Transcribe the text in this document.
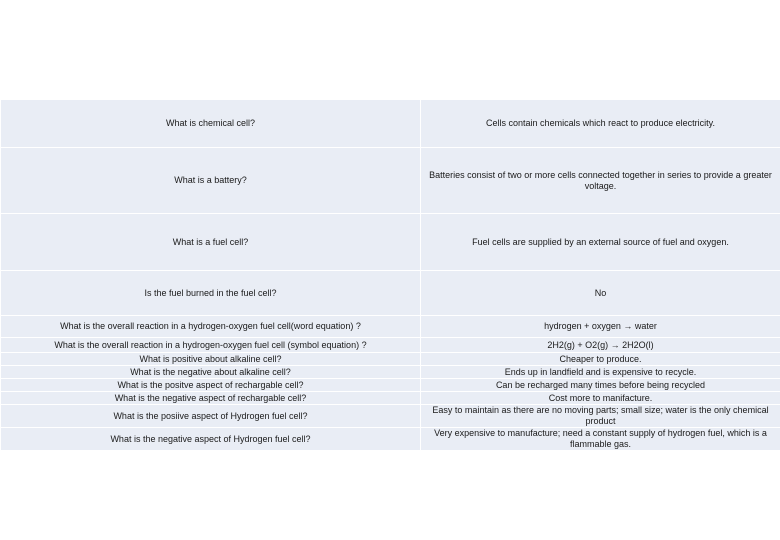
What is chemical cell?	Cells contain chemicals which react to produce electricity.
What is a battery?	Batteries consist of two or more cells connected together in series to provide a greater voltage.
What is a fuel cell?	Fuel cells are supplied by an external source of fuel and oxygen.
Is the fuel burned in the fuel cell?	No
What is the overall reaction in a hydrogen-oxygen fuel cell(word equation) ?	hydrogen + oxygen → water
What is the overall reaction in a hydrogen-oxygen fuel cell (symbol equation) ?	2H2(g) + O2(g) → 2H2O(l)
What is positive about alkaline cell?	Cheaper to produce.
What is the negative about alkaline cell?	Ends up in landfield and is expensive to recycle.
What is the positve aspect of rechargable cell?	Can be recharged many times before being recycled
What is the negative aspect of rechargable cell?	Cost more to manifacture.
What is the posiive aspect of Hydrogen fuel cell?	Easy to maintain as there are no moving parts; small size; water is the only chemical product
What is the negative aspect of Hydrogen fuel cell?	Very expensive to manufacture; need a constant supply of hydrogen fuel, which is a flammable gas.
